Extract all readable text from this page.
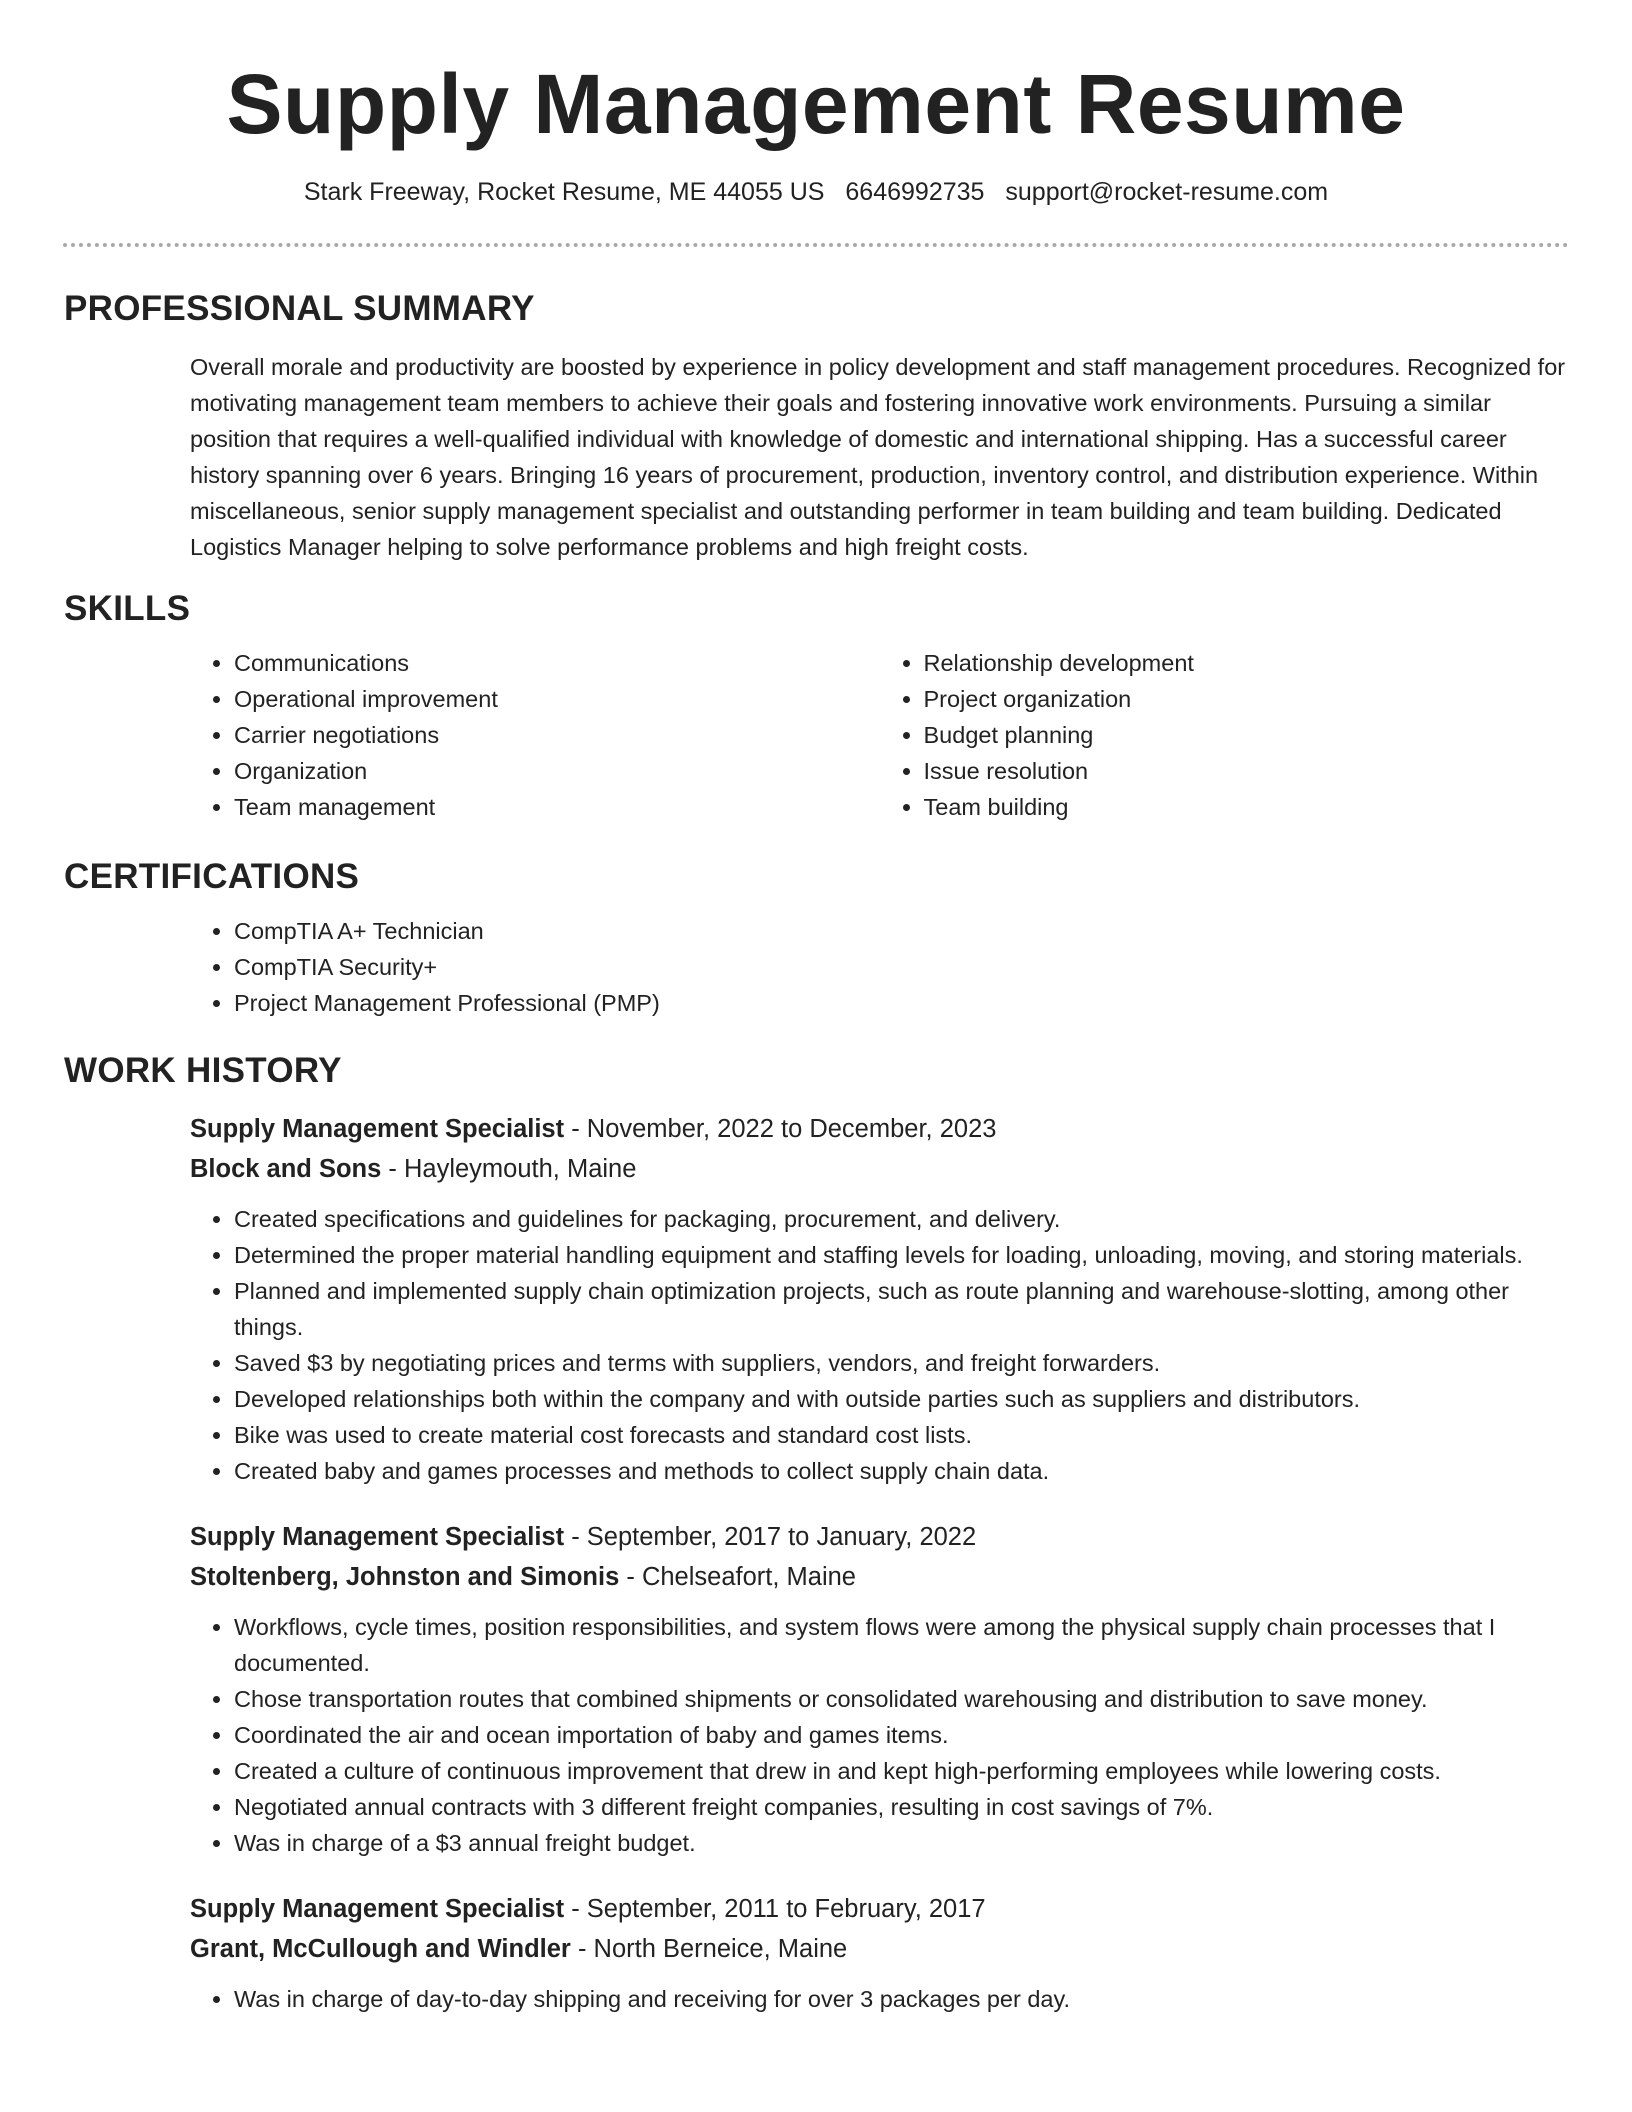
Supply Management Resume
Stark Freeway, Rocket Resume, ME 44055 US 6646992735 support@rocket-resume.com
PROFESSIONAL SUMMARY
Overall morale and productivity are boosted by experience in policy development and staff management procedures. Recognized for motivating management team members to achieve their goals and fostering innovative work environments. Pursuing a similar position that requires a well-qualified individual with knowledge of domestic and international shipping. Has a successful career history spanning over 6 years. Bringing 16 years of procurement, production, inventory control, and distribution experience. Within miscellaneous, senior supply management specialist and outstanding performer in team building and team building. Dedicated Logistics Manager helping to solve performance problems and high freight costs.
SKILLS
• Communications
• Operational improvement
• Carrier negotiations
• Organization
• Team management
• Relationship development
• Project organization
• Budget planning
• Issue resolution
• Team building
CERTIFICATIONS
• CompTIA A+ Technician
• CompTIA Security+
• Project Management Professional (PMP)
WORK HISTORY
Supply Management Specialist - November, 2022 to December, 2023
Block and Sons - Hayleymouth, Maine
• Created specifications and guidelines for packaging, procurement, and delivery.
• Determined the proper material handling equipment and staffing levels for loading, unloading, moving, and storing materials.
• Planned and implemented supply chain optimization projects, such as route planning and warehouse-slotting, among other things.
• Saved $3 by negotiating prices and terms with suppliers, vendors, and freight forwarders.
• Developed relationships both within the company and with outside parties such as suppliers and distributors.
• Bike was used to create material cost forecasts and standard cost lists.
• Created baby and games processes and methods to collect supply chain data.
Supply Management Specialist - September, 2017 to January, 2022
Stoltenberg, Johnston and Simonis - Chelseafort, Maine
• Workflows, cycle times, position responsibilities, and system flows were among the physical supply chain processes that I documented.
• Chose transportation routes that combined shipments or consolidated warehousing and distribution to save money.
• Coordinated the air and ocean importation of baby and games items.
• Created a culture of continuous improvement that drew in and kept high-performing employees while lowering costs.
• Negotiated annual contracts with 3 different freight companies, resulting in cost savings of 7%.
• Was in charge of a $3 annual freight budget.
Supply Management Specialist - September, 2011 to February, 2017
Grant, McCullough and Windler - North Berneice, Maine
• Was in charge of day-to-day shipping and receiving for over 3 packages per day.
